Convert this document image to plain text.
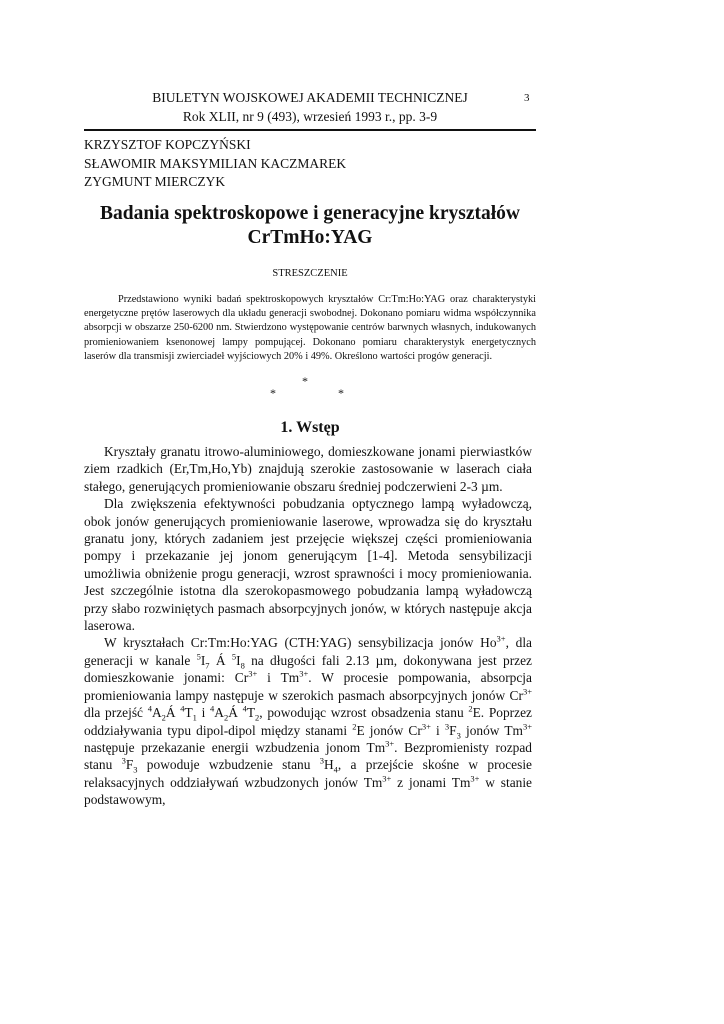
BIULETYN WOJSKOWEJ AKADEMII TECHNICZNEJ
Rok XLII, nr 9 (493), wrzesień 1993 r., pp. 3-9
3
KRZYSZTOF KOPCZYŃSKI
SŁAWOMIR MAKSYMILIAN KACZMAREK
ZYGMUNT MIERCZYK
Badania spektroskopowe i generacyjne kryształów
CrTmHo:YAG
STRESZCZENIE

Przedstawiono wyniki badań spektroskopowych kryształów Cr:Tm:Ho:YAG oraz charakterystyki energetyczne prętów laserowych dla układu generacji swobodnej. Dokonano pomiaru widma współczynnika absorpcji w obszarze 250-6200 nm. Stwierdzono występowanie centrów barwnych własnych, indukowanych promieniowaniem ksenonowej lampy pompującej. Dokonano pomiaru charakterystyk energetycznych laserów dla transmisji zwierciadeł wyjściowych 20% i 49%. Określono wartości progów generacji.

*
*	*
1. Wstęp

Kryształy granatu itrowo-aluminiowego, domieszkowane jonami pierwiastków ziem rzadkich (Er,Tm,Ho,Yb) znajdują szerokie zastosowanie w laserach ciała stałego, generujących promieniowanie obszaru średniej podczerwieni 2-3 µm.

Dla zwiększenia efektywności pobudzania optycznego lampą wyładowczą, obok jonów generujących promieniowanie laserowe, wprowadza się do kryształu granatu jony, których zadaniem jest przejęcie większej części promieniowania pompy i przekazanie jej jonom generującym [1-4]. Metoda sensybilizacji umożliwia obniżenie progu generacji, wzrost sprawności i mocy promieniowania. Jest szczególnie istotna dla szerokopasmowego pobudzania lampą wyładowczą przy słabo rozwiniętych pasmach absorpcyjnych jonów, w których następuje akcja laserowa.

W kryształach Cr:Tm:Ho:YAG (CTH:YAG) sensybilizacja jonów $Ho^{3+}$, dla generacji w kanale $^5I_7$ Á $^5I_8$ na długości fali 2.13 µm, dokonywana jest przez domieszkowanie jonami: $Cr^{3+}$ i $Tm^{3+}$. W procesie pompowania, absorpcja promieniowania lampy następuje w szerokich pasmach absorpcyjnych jonów $Cr^{3+}$ dla przejść $^4A_2Á$ $^4T_1$ i $^4A_2Á$ $^4T_2$, powodując wzrost obsadzenia stanu $^2$E. Poprzez oddziaływania typu dipol-dipol między stanami $^2$E jonów $Cr^{3+}$ i $^3F_3$ jonów $Tm^{3+}$ następuje przekazanie energii wzbudzenia jonom $Tm^{3+}$. Bezpromienisty rozpad stanu $^3F_3$ powoduje wzbudzenie stanu $^3H_4$, a przejście skośne w procesie relaksacyjnych oddziaływań wzbudzonych jonów $Tm^{3+}$ z jonami $Tm^{3+}$ w stanie podstawowym,
